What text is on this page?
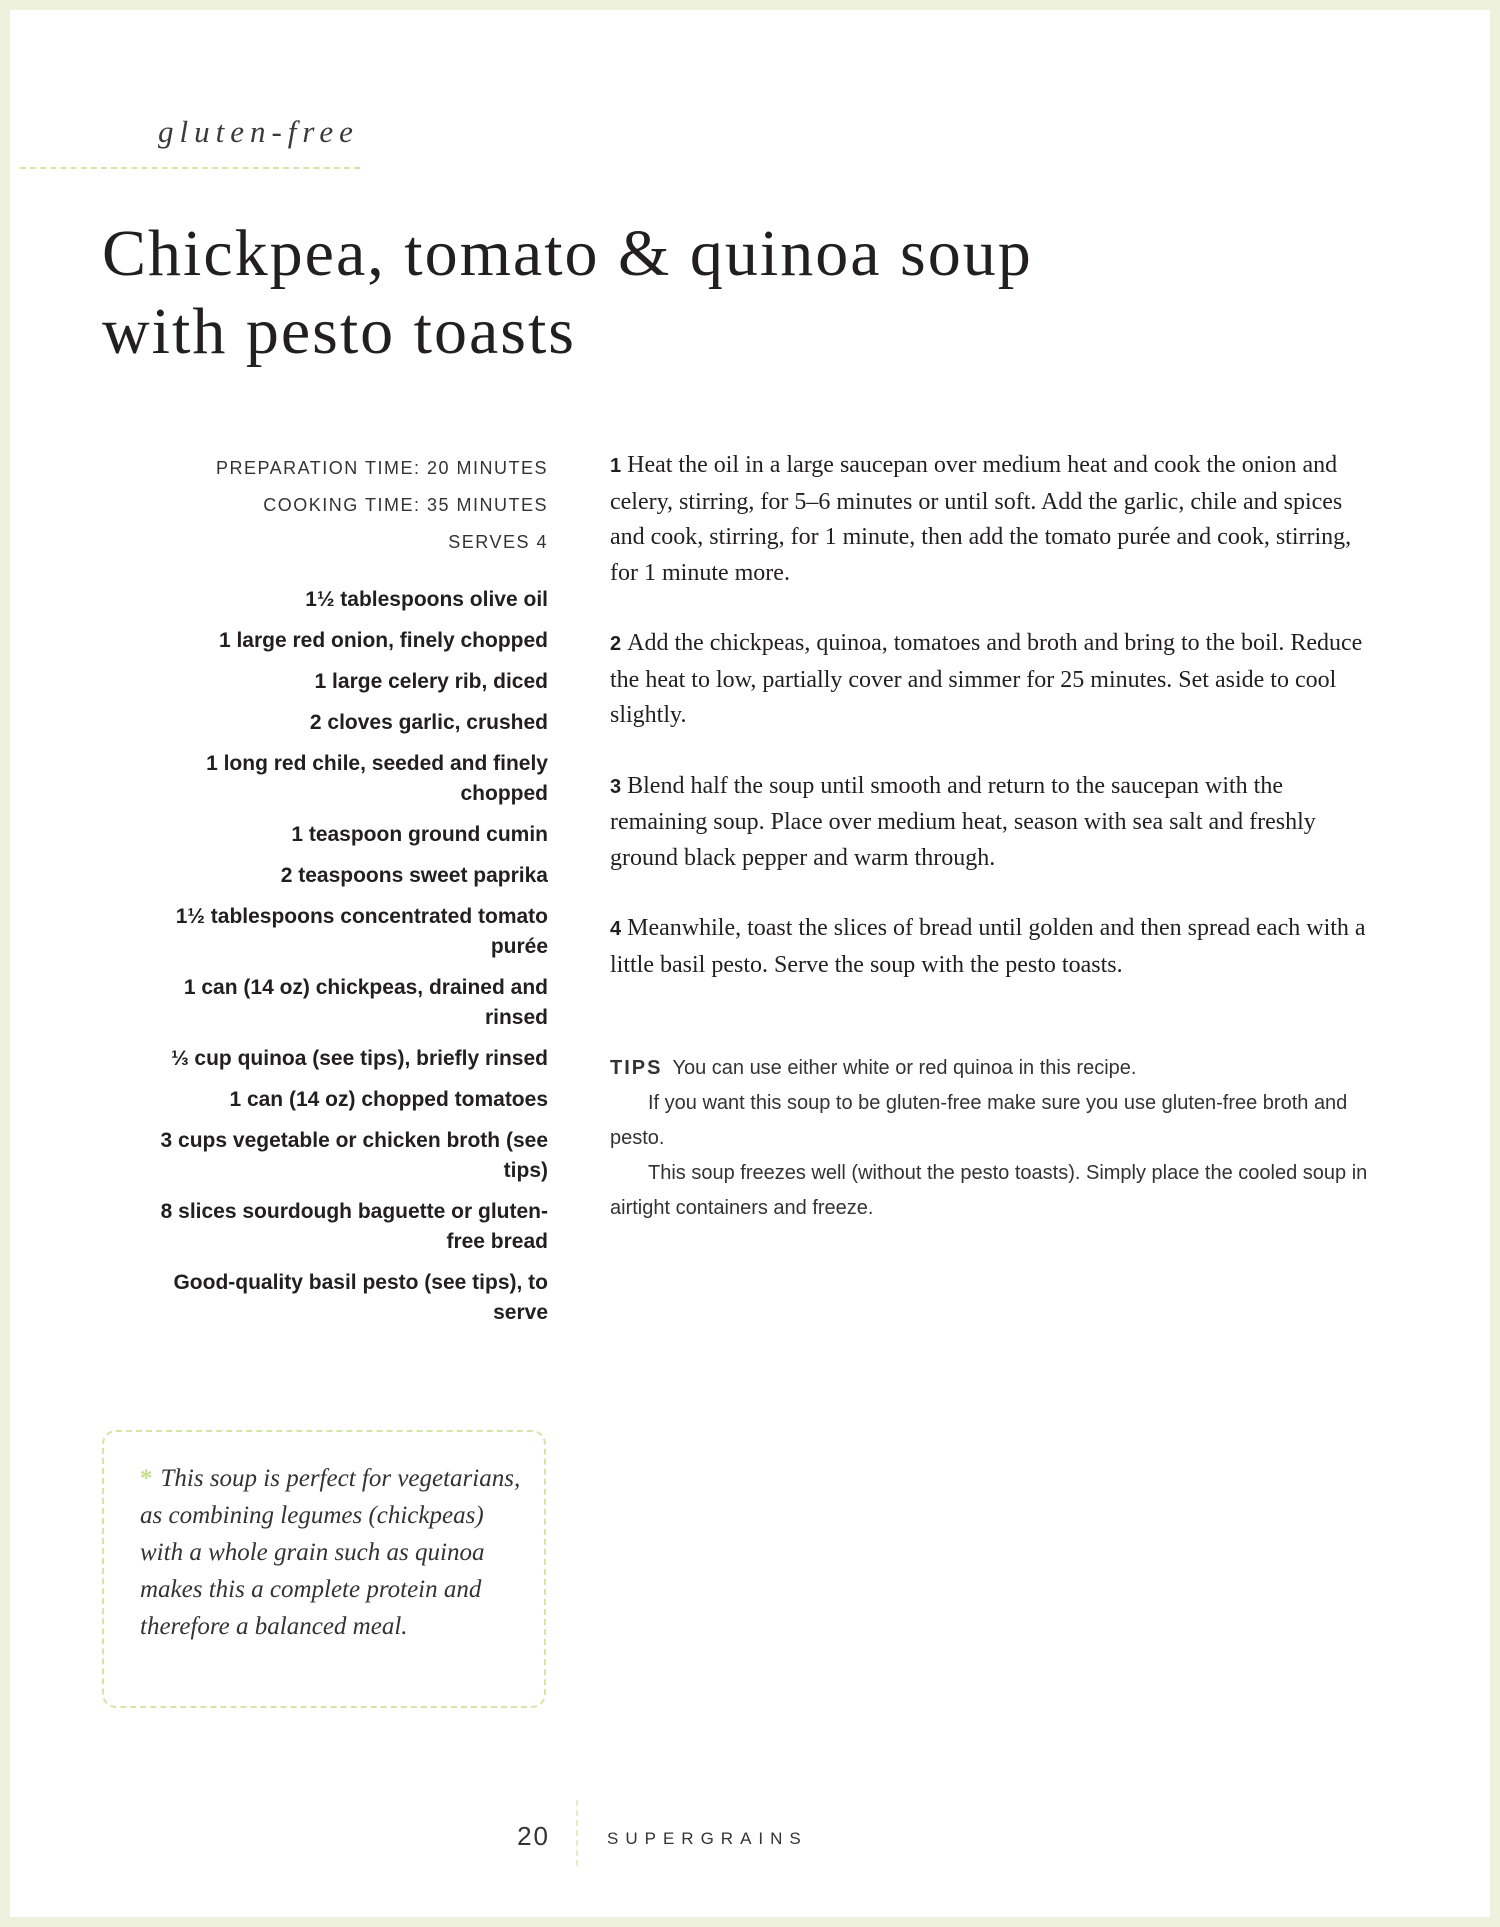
gluten-free
Chickpea, tomato & quinoa soup
with pesto toasts
PREPARATION TIME: 20 MINUTES
COOKING TIME: 35 MINUTES
SERVES 4
1½ tablespoons olive oil
1 large red onion, finely chopped
1 large celery rib, diced
2 cloves garlic, crushed
1 long red chile, seeded and finely chopped
1 teaspoon ground cumin
2 teaspoons sweet paprika
1½ tablespoons concentrated tomato purée
1 can (14 oz) chickpeas, drained and rinsed
⅓ cup quinoa (see tips), briefly rinsed
1 can (14 oz) chopped tomatoes
3 cups vegetable or chicken broth (see tips)
8 slices sourdough baguette or gluten-free bread
Good-quality basil pesto (see tips), to serve

1 Heat the oil in a large saucepan over medium heat and cook the onion and celery, stirring, for 5–6 minutes or until soft. Add the garlic, chile and spices and cook, stirring, for 1 minute, then add the tomato purée and cook, stirring, for 1 minute more.

2 Add the chickpeas, quinoa, tomatoes and broth and bring to the boil. Reduce the heat to low, partially cover and simmer for 25 minutes. Set aside to cool slightly.

3 Blend half the soup until smooth and return to the saucepan with the remaining soup. Place over medium heat, season with sea salt and freshly ground black pepper and warm through.

4 Meanwhile, toast the slices of bread until golden and then spread each with a little basil pesto. Serve the soup with the pesto toasts.

TIPS You can use either white or red quinoa in this recipe.

If you want this soup to be gluten-free make sure you use gluten-free broth and pesto.

This soup freezes well (without the pesto toasts). Simply place the cooled soup in airtight containers and freeze.

* This soup is perfect for vegetarians, as combining legumes (chickpeas) with a whole grain such as quinoa makes this a complete protein and therefore a balanced meal.

20	SUPERGRAINS
